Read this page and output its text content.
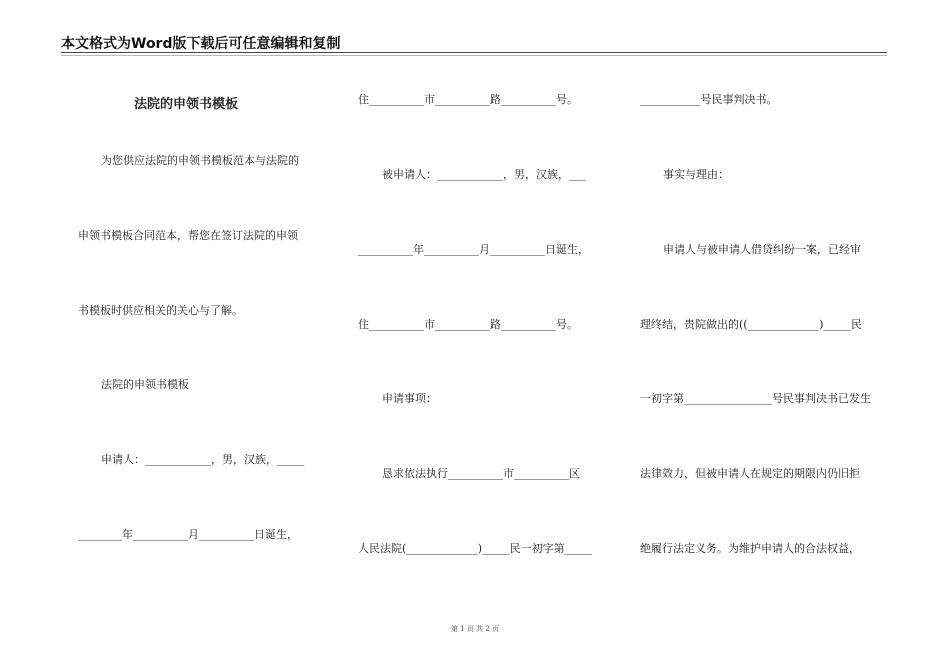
本文格式为Word版下载后可任意编辑和复制
法院的申领书模板
为您供应法院的申领书模板范本与法院的
申领书模板合同范本，帮您在签订法院的申领
书模板时供应相关的关心与了解。
法院的申领书模板
申请人：____________，男，汉族，_____
________年__________月__________日诞生，
住__________市__________路__________号。
被申请人：____________，男，汉族，___
__________年__________月__________日诞生，
住__________市__________路__________号。
申请事项：
恳求依法执行__________市__________区
人民法院(_____________)_____民一初字第_____
___________号民事判决书。
事实与理由：
申请人与被申请人借贷纠纷一案，已经审
理终结，贵院做出的((_____________)_____民
一初字第________________号民事判决书已发生
法律效力，但被申请人在规定的期限内仍旧拒
绝履行法定义务。为维护申请人的合法权益，
第 1 页 共 2 页
